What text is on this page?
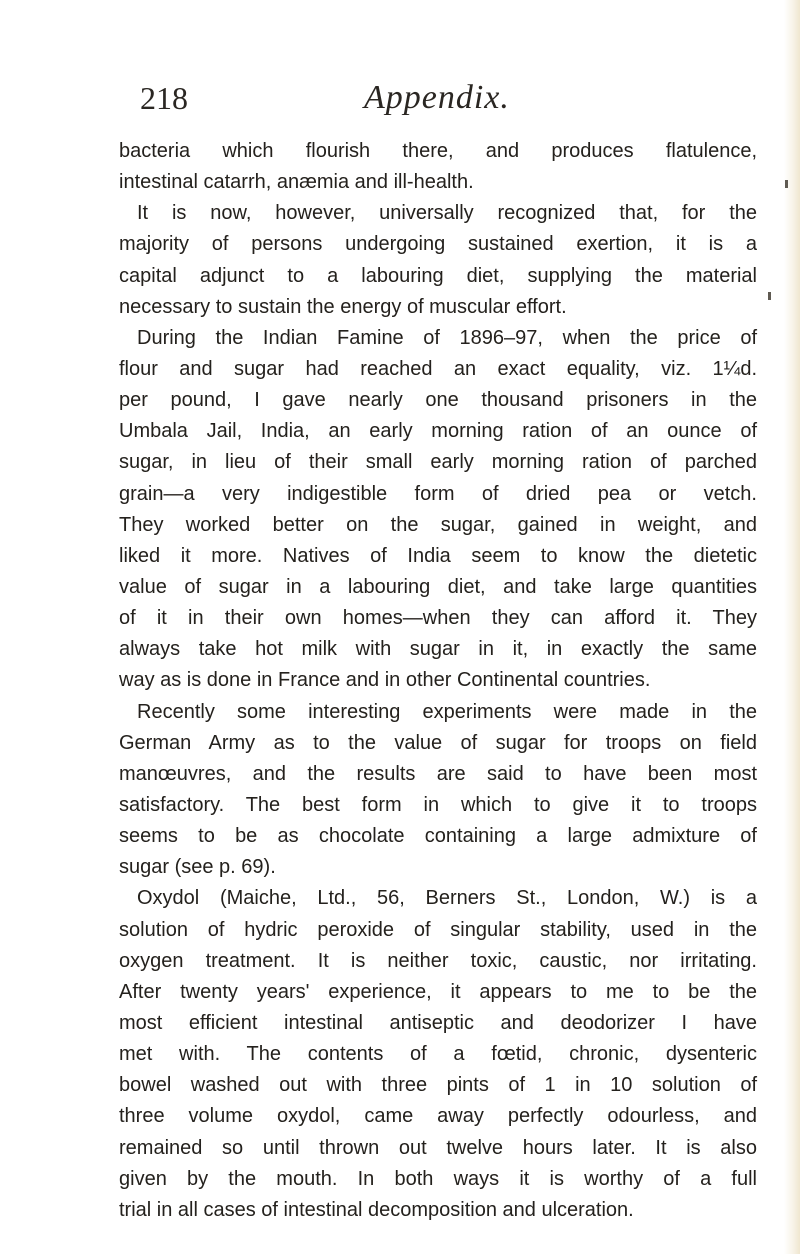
218	Appendix.
bacteria which flourish there, and produces flatulence,
intestinal catarrh, anæmia and ill-health.
It is now, however, universally recognized that, for the
majority of persons undergoing sustained exertion, it is a
capital adjunct to a labouring diet, supplying the material
necessary to sustain the energy of muscular effort.
During the Indian Famine of 1896–97, when the price of
flour and sugar had reached an exact equality, viz. 1¼d.
per pound, I gave nearly one thousand prisoners in the
Umbala Jail, India, an early morning ration of an ounce of
sugar, in lieu of their small early morning ration of parched
grain—a very indigestible form of dried pea or vetch.
They worked better on the sugar, gained in weight, and
liked it more. Natives of India seem to know the dietetic
value of sugar in a labouring diet, and take large quantities
of it in their own homes—when they can afford it. They
always take hot milk with sugar in it, in exactly the same
way as is done in France and in other Continental countries.
Recently some interesting experiments were made in the
German Army as to the value of sugar for troops on field
manœuvres, and the results are said to have been most
satisfactory. The best form in which to give it to troops
seems to be as chocolate containing a large admixture of
sugar (see p. 69).
Oxydol (Maiche, Ltd., 56, Berners St., London, W.) is a
solution of hydric peroxide of singular stability, used in the
oxygen treatment. It is neither toxic, caustic, nor irritating.
After twenty years' experience, it appears to me to be the
most efficient intestinal antiseptic and deodorizer I have
met with. The contents of a fœtid, chronic, dysenteric
bowel washed out with three pints of 1 in 10 solution of
three volume oxydol, came away perfectly odourless, and
remained so until thrown out twelve hours later. It is also
given by the mouth. In both ways it is worthy of a full
trial in all cases of intestinal decomposition and ulceration.
